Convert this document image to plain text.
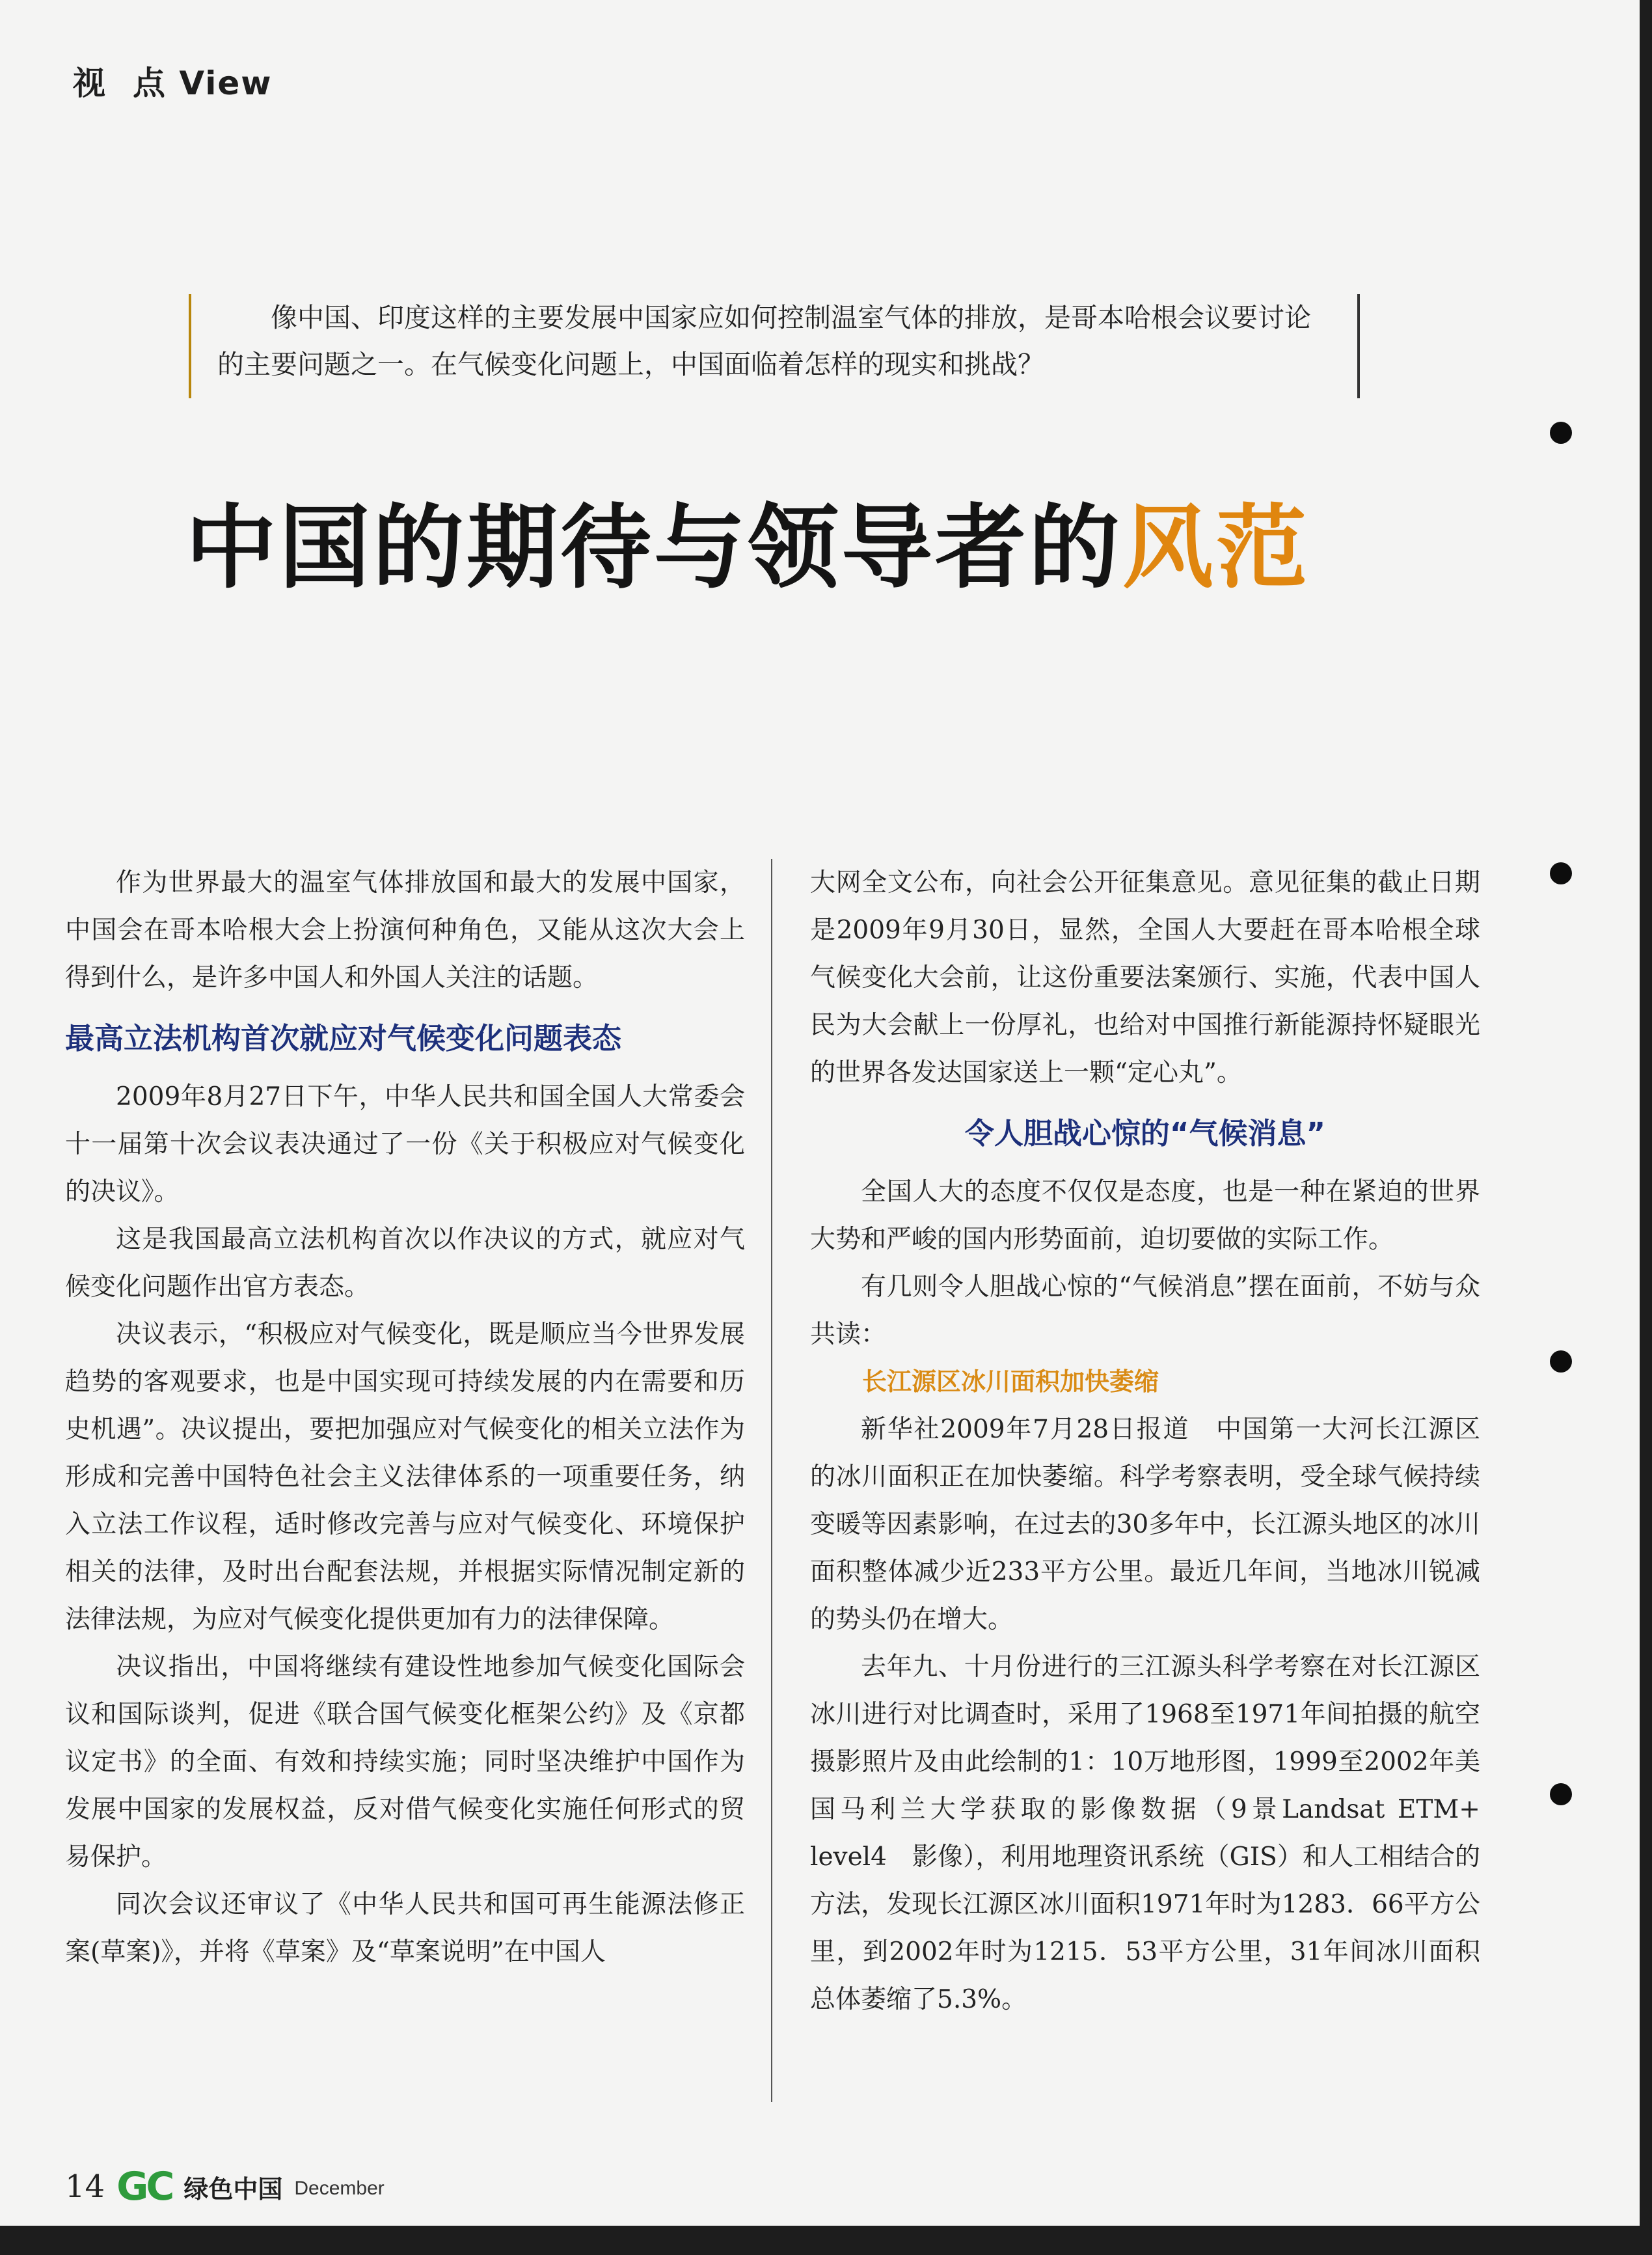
视 点 View

像中国、印度这样的主要发展中国家应如何控制温室气体的排放，是哥本哈根会议要讨论的主要问题之一。在气候变化问题上，中国面临着怎样的现实和挑战？

中国的期待与领导者的风范

作为世界最大的温室气体排放国和最大的发展中国家，中国会在哥本哈根大会上扮演何种角色，又能从这次大会上得到什么，是许多中国人和外国人关注的话题。

最高立法机构首次就应对气候变化问题表态

2009年8月27日下午，中华人民共和国全国人大常委会十一届第十次会议表决通过了一份《关于积极应对气候变化的决议》。

这是我国最高立法机构首次以作决议的方式，就应对气候变化问题作出官方表态。

决议表示，“积极应对气候变化，既是顺应当今世界发展趋势的客观要求，也是中国实现可持续发展的内在需要和历史机遇”。决议提出，要把加强应对气候变化的相关立法作为形成和完善中国特色社会主义法律体系的一项重要任务，纳入立法工作议程，适时修改完善与应对气候变化、环境保护相关的法律，及时出台配套法规，并根据实际情况制定新的法律法规，为应对气候变化提供更加有力的法律保障。

决议指出，中国将继续有建设性地参加气候变化国际会议和国际谈判，促进《联合国气候变化框架公约》及《京都议定书》的全面、有效和持续实施；同时坚决维护中国作为发展中国家的发展权益，反对借气候变化实施任何形式的贸易保护。

同次会议还审议了《中华人民共和国可再生能源法修正案(草案)》，并将《草案》及“草案说明”在中国人

大网全文公布，向社会公开征集意见。意见征集的截止日期是2009年9月30日，显然，全国人大要赶在哥本哈根全球气候变化大会前，让这份重要法案颁行、实施，代表中国人民为大会献上一份厚礼，也给对中国推行新能源持怀疑眼光的世界各发达国家送上一颗“定心丸”。

令人胆战心惊的“气候消息”

全国人大的态度不仅仅是态度，也是一种在紧迫的世界大势和严峻的国内形势面前，迫切要做的实际工作。

有几则令人胆战心惊的“气候消息”摆在面前，不妨与众共读：

长江源区冰川面积加快萎缩

新华社2009年7月28日报道　中国第一大河长江源区的冰川面积正在加快萎缩。科学考察表明，受全球气候持续变暖等因素影响，在过去的30多年中，长江源头地区的冰川面积整体减少近233平方公里。最近几年间，当地冰川锐减的势头仍在增大。

去年九、十月份进行的三江源头科学考察在对长江源区冰川进行对比调查时，采用了1968至1971年间拍摄的航空摄影照片及由此绘制的1：10万地形图，1999至2002年美国马利兰大学获取的影像数据（9景Landsat ETM+　level4　影像），利用地理资讯系统（GIS）和人工相结合的方法，发现长江源区冰川面积1971年时为1283．66平方公里，到2002年时为1215．53平方公里，31年间冰川面积总体萎缩了5.3%。

14 GC 绿色中国 December
